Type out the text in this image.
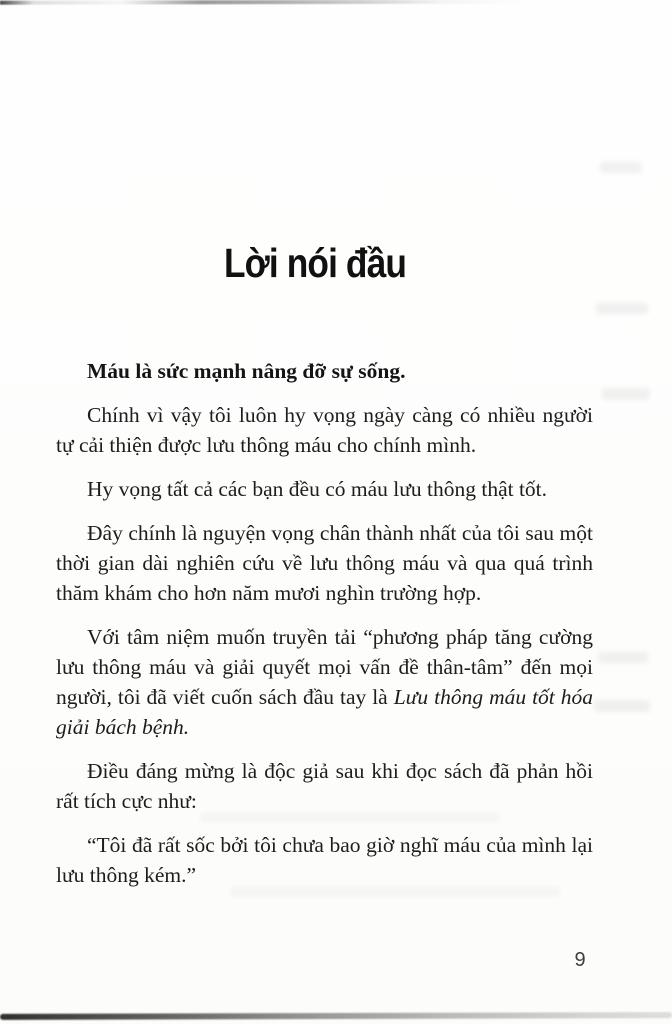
Lời nói đầu

Máu là sức mạnh nâng đỡ sự sống.

Chính vì vậy tôi luôn hy vọng ngày càng có nhiều người tự cải thiện được lưu thông máu cho chính mình.

Hy vọng tất cả các bạn đều có máu lưu thông thật tốt.

Đây chính là nguyện vọng chân thành nhất của tôi sau một thời gian dài nghiên cứu về lưu thông máu và qua quá trình thăm khám cho hơn năm mươi nghìn trường hợp.

Với tâm niệm muốn truyền tải “phương pháp tăng cường lưu thông máu và giải quyết mọi vấn đề thân-tâm” đến mọi người, tôi đã viết cuốn sách đầu tay là Lưu thông máu tốt hóa giải bách bệnh.

Điều đáng mừng là độc giả sau khi đọc sách đã phản hồi rất tích cực như:

“Tôi đã rất sốc bởi tôi chưa bao giờ nghĩ máu của mình lại lưu thông kém.”

9
